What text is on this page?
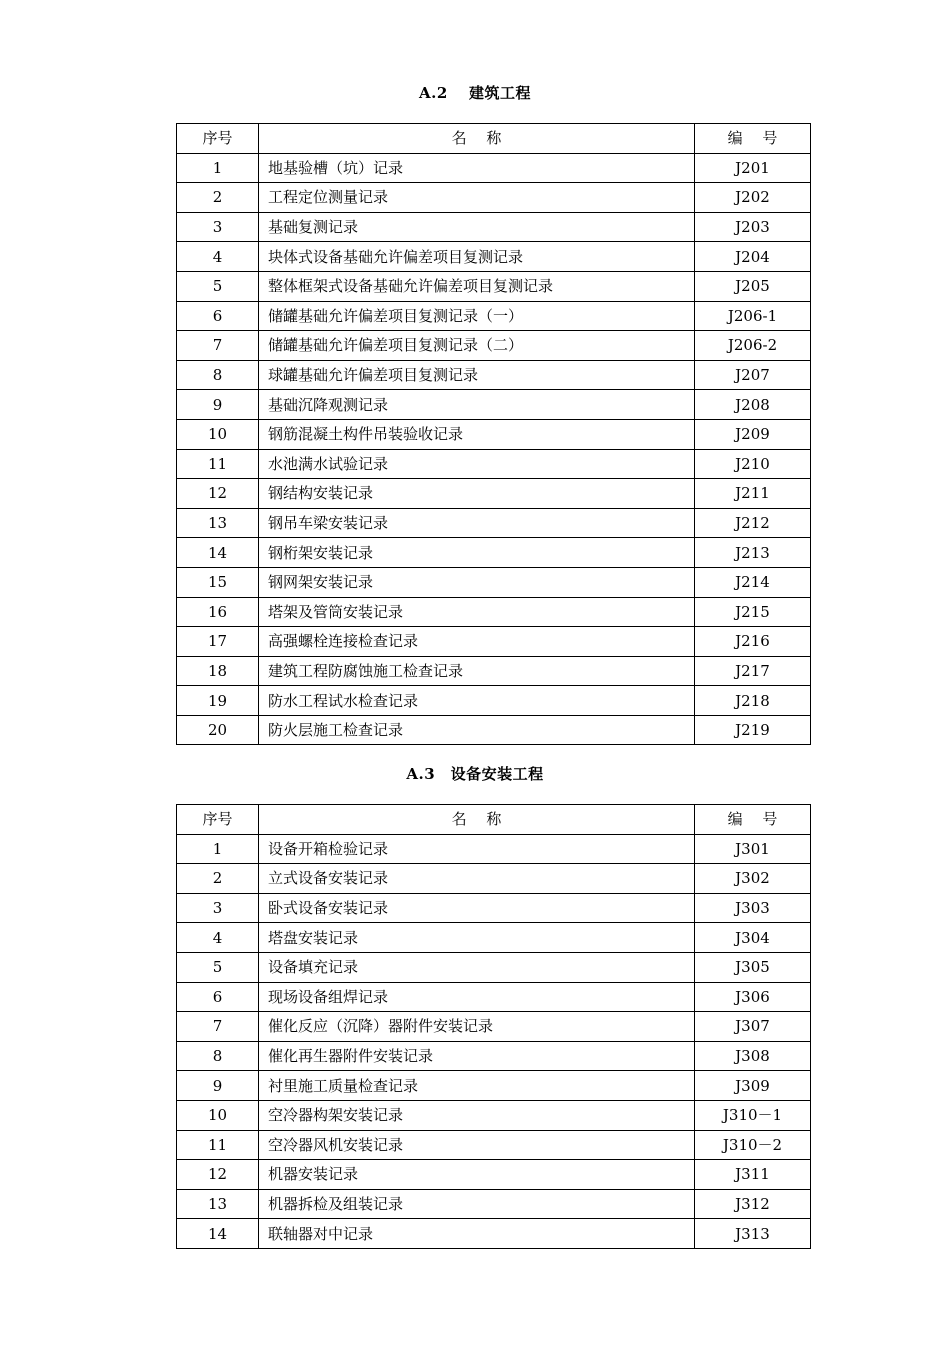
A.2　 建筑工程
序号	名　 称	编　 号
1	地基验槽（坑）记录	J201
2	工程定位测量记录	J202
3	基础复测记录	J203
4	块体式设备基础允许偏差项目复测记录	J204
5	整体框架式设备基础允许偏差项目复测记录	J205
6	储罐基础允许偏差项目复测记录（一）	J206-1
7	储罐基础允许偏差项目复测记录（二）	J206-2
8	球罐基础允许偏差项目复测记录	J207
9	基础沉降观测记录	J208
10	钢筋混凝土构件吊装验收记录	J209
11	水池满水试验记录	J210
12	钢结构安装记录	J211
13	钢吊车梁安装记录	J212
14	钢桁架安装记录	J213
15	钢网架安装记录	J214
16	塔架及管筒安装记录	J215
17	高强螺栓连接检查记录	J216
18	建筑工程防腐蚀施工检查记录	J217
19	防水工程试水检查记录	J218
20	防火层施工检查记录	J219
A.3　设备安装工程
序号	名　 称	编　 号
1	设备开箱检验记录	J301
2	立式设备安装记录	J302
3	卧式设备安装记录	J303
4	塔盘安装记录	J304
5	设备填充记录	J305
6	现场设备组焊记录	J306
7	催化反应（沉降）器附件安装记录	J307
8	催化再生器附件安装记录	J308
9	衬里施工质量检查记录	J309
10	空冷器构架安装记录	J310－1
11	空冷器风机安装记录	J310－2
12	机器安装记录	J311
13	机器拆检及组装记录	J312
14	联轴器对中记录	J313
